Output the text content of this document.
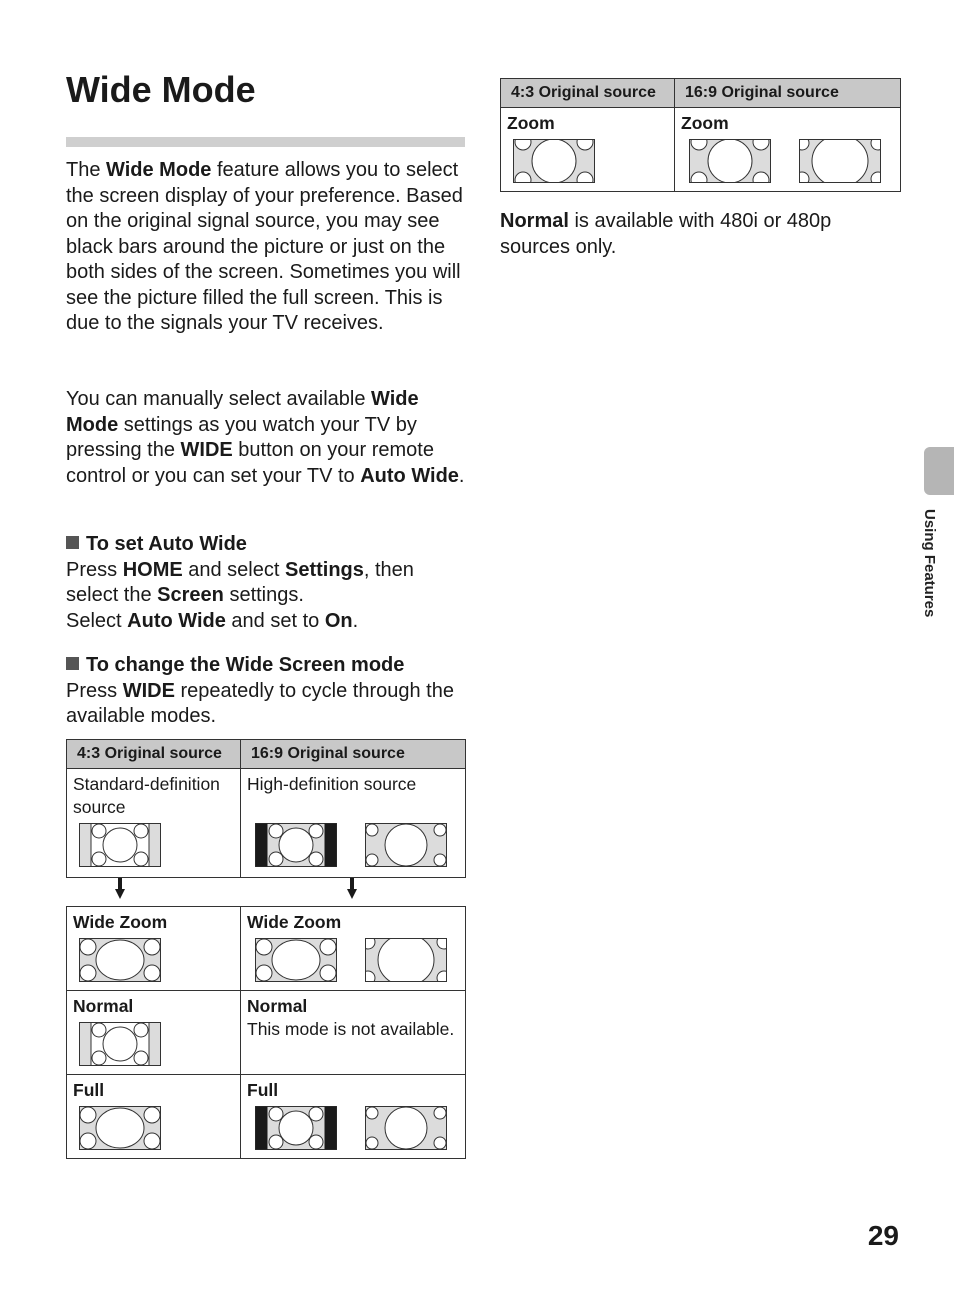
Wide Mode

The Wide Mode feature allows you to select the screen display of your preference. Based on the original signal source, you may see black bars around the picture or just on the both sides of the screen. Sometimes you will see the picture filled the full screen. This is due to the signals your TV receives.

You can manually select available Wide Mode settings as you watch your TV by pressing the WIDE button on your remote control or you can set your TV to Auto Wide.

To set Auto Wide
Press HOME and select Settings, then select the Screen settings.
Select Auto Wide and set to On.
To change the Wide Screen mode
Press WIDE repeatedly to cycle through the available modes.
4:3 Original source	16:9 Original source

Standard-definition source	High-definition source
Wide Zoom	Wide Zoom

Normal	Normal
This mode is not available.

Full	Full
4:3 Original source	16:9 Original source

Zoom	Zoom

Normal is available with 480i or 480p sources only.

Using Features
29
